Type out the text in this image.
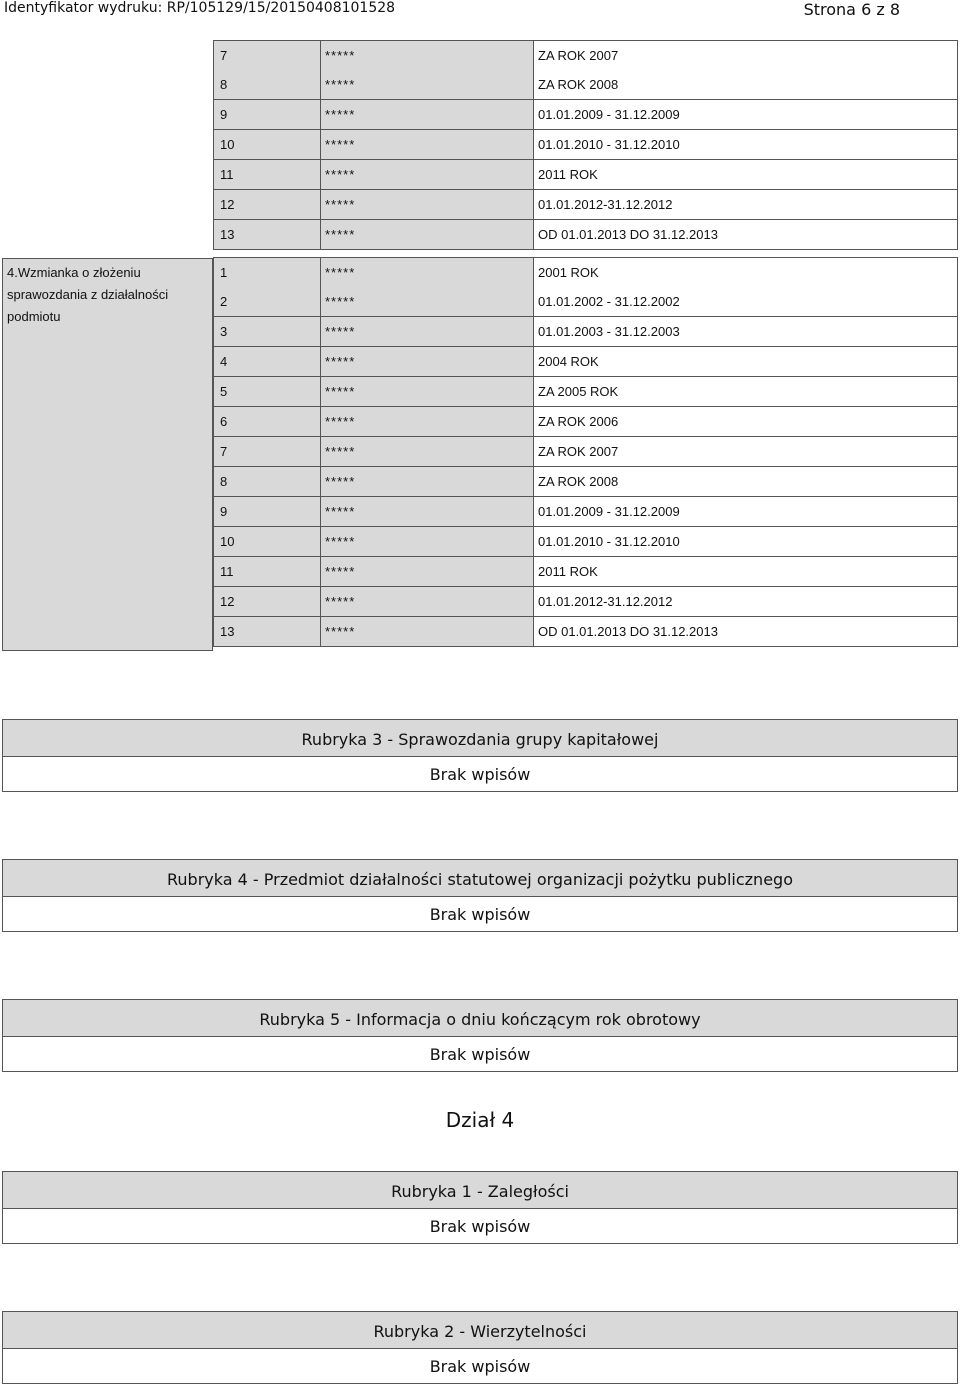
Identyfikator wydruku: RP/105129/15/20150408101528	Strona 6 z 8
7	*****	ZA ROK 2007
8	*****	ZA ROK 2008
9	*****	01.01.2009 - 31.12.2009
10	*****	01.01.2010 - 31.12.2010
11	*****	2011 ROK
12	*****	01.01.2012-31.12.2012
13	*****	OD 01.01.2013 DO 31.12.2013
4.Wzmianka o złożeniu sprawozdania z działalności podmiotu
1	*****	2001 ROK
2	*****	01.01.2002 - 31.12.2002
3	*****	01.01.2003 - 31.12.2003
4	*****	2004 ROK
5	*****	ZA 2005 ROK
6	*****	ZA ROK 2006
7	*****	ZA ROK 2007
8	*****	ZA ROK 2008
9	*****	01.01.2009 - 31.12.2009
10	*****	01.01.2010 - 31.12.2010
11	*****	2011 ROK
12	*****	01.01.2012-31.12.2012
13	*****	OD 01.01.2013 DO 31.12.2013
Rubryka 3 - Sprawozdania grupy kapitałowej
Brak wpisów
Rubryka 4 - Przedmiot działalności statutowej organizacji pożytku publicznego
Brak wpisów
Rubryka 5 - Informacja o dniu kończącym rok obrotowy
Brak wpisów
Dział 4
Rubryka 1 - Zaległości
Brak wpisów
Rubryka 2 - Wierzytelności
Brak wpisów
